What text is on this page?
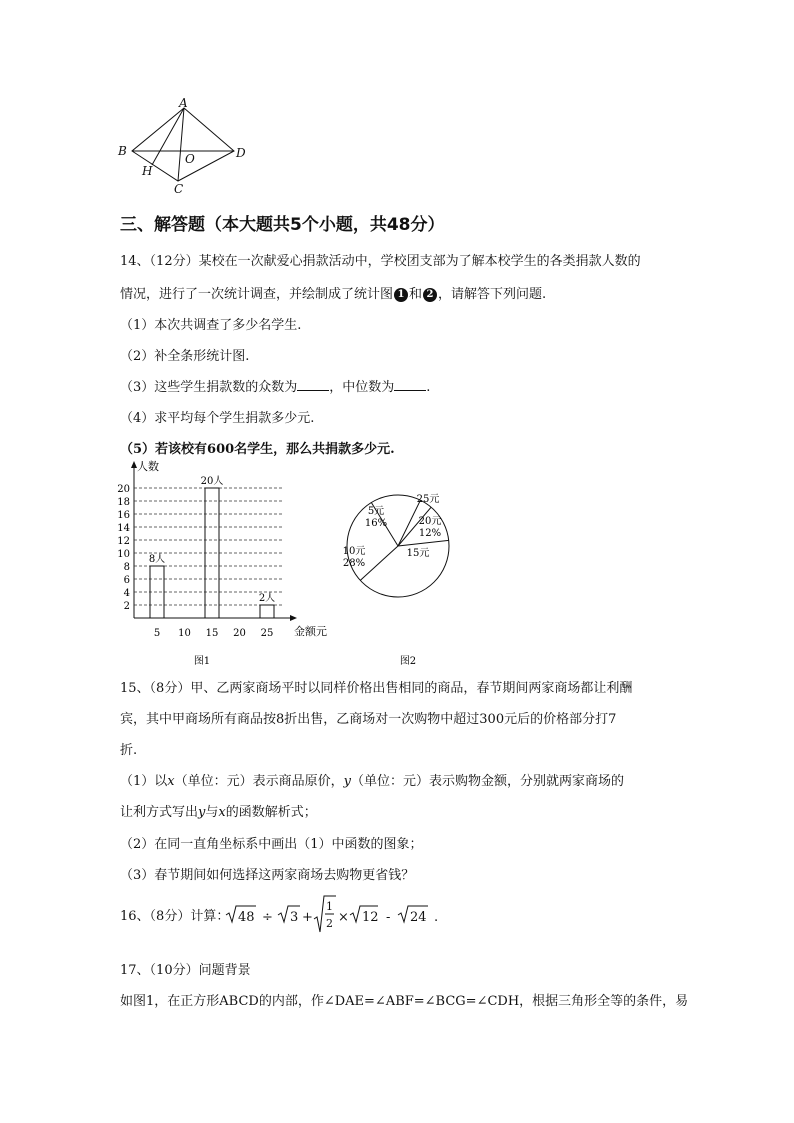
A
B
C
D
H
O
三、解答题（本大题共5个小题，共48分）
14、（12分）某校在一次献爱心捐款活动中，学校团支部为了解本校学生的各类捐款人数的
情况，进行了一次统计调查，并绘制成了统计图 1 和 2 ，请解答下列问题.
（1）本次共调查了多少名学生.
（2）补全条形统计图.
（3）这些学生捐款数的众数为 ，中位数为 .
（4）求平均每个学生捐款多少元.
（5）若该校有600名学生，那么共捐款多少元.
人数
金额元
2
4
6
8
10
12
14
16
18
20
5
8人
10 15
20人
20 25
2人
图1
5元
16%
25元
20元
12%
15元
10元
28%
图2
15、（8分）甲、乙两家商场平时以同样价格出售相同的商品，春节期间两家商场都让利酬
宾，其中甲商场所有商品按8折出售，乙商场对一次购物中超过300元后的价格部分打7
折.
（1）以x（单位：元）表示商品原价，y（单位：元）表示购物金额，分别就两家商场的
让利方式写出y与x的函数解析式；
（2）在同一直角坐标系中画出（1）中函数的图象；
（3）春节期间如何选择这两家商场去购物更省钱？
16、（8分）计算： 48 ÷ 3 +
1
2 × 12 - 24 .
17、（10分）问题背景
如图1，在正方形ABCD的内部，作∠DAE=∠ABF=∠BCG=∠CDH，根据三角形全等的条件，易
